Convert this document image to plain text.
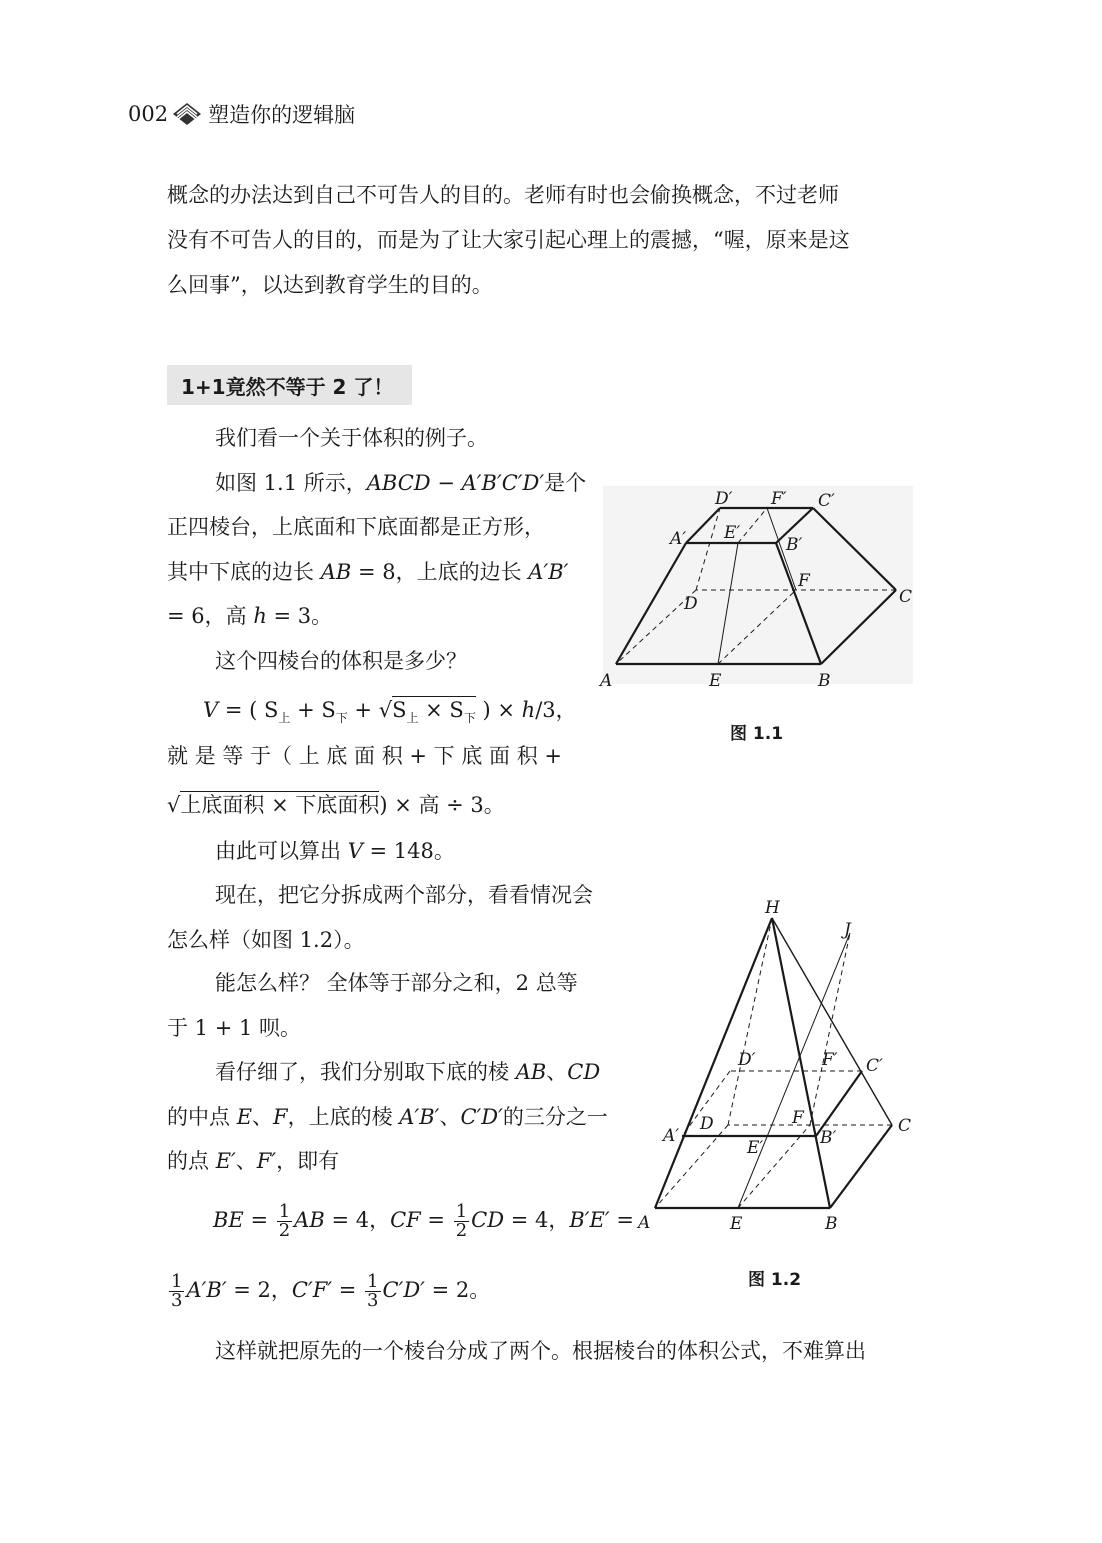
002 塑造你的逻辑脑
概念的办法达到自己不可告人的目的。老师有时也会偷换概念，不过老师
没有不可告人的目的，而是为了让大家引起心理上的震撼，“喔，原来是这
么回事”，以达到教育学生的目的。
1+1竟然不等于 2 了！
我们看一个关于体积的例子。
如图 1.1 所示，ABCD − A′B′C′D′是个
正四棱台，上底面和下底面都是正方形，
其中下底的边长 AB = 8，上底的边长 A′B′
= 6，高 h = 3。
这个四棱台的体积是多少？
V = ( $S_上 + S_下 + √S_上 \times S_下$ ) × h/3，
就 是 等 于（ 上 底 面 积 + 下 底 面 积 +
√上底面积 × 下底面积) × 高 ÷ 3。
由此可以算出 V = 148。
现在，把它分拆成两个部分，看看情况会
怎么样（如图 1.2）。
能怎么样？ 全体等于部分之和，2 总等
于 1 + 1 呗。
看仔细了，我们分别取下底的棱 AB、CD
的中点 E、F，上底的棱 A′B′、C′D′的三分之一
的点 E′、F′，即有
BE = $\frac{1}{2}$ AB = 4，CF = $\frac{1}{2}$ CD = 4，B′E′ =
$\frac{1}{3} A'B' = 2$，$C'F' = \frac{1}{3} C'D' = 2$。
这样就把原先的一个棱台分成了两个。根据棱台的体积公式，不难算出
A	B
C
D
E
F
A′	B′
C′
D′
E′
F′
图 1.1
H
J
A	B
C
D
E
F
A′	B′
C′
D′
E′
F′
图 1.2
